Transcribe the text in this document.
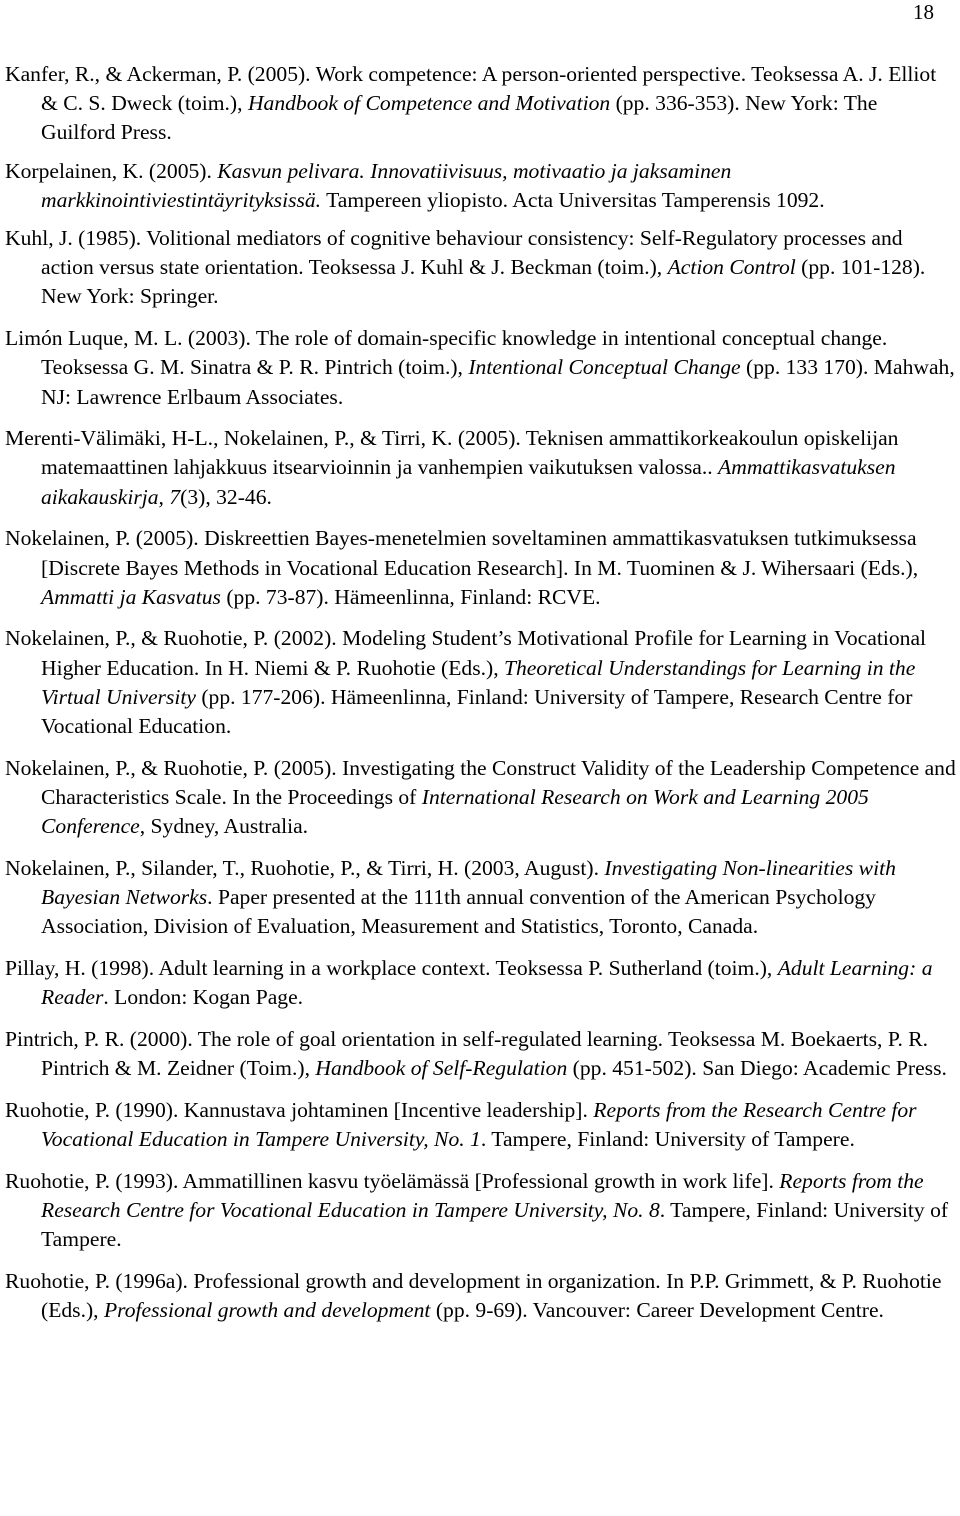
18

Kanfer, R., & Ackerman, P. (2005). Work competence: A person-oriented perspective. Teoksessa A. J. Elliot & C. S. Dweck (toim.), Handbook of Competence and Motivation (pp. 336-353). New York: The Guilford Press.

Korpelainen, K. (2005). Kasvun pelivara. Innovatiivisuus, motivaatio ja jaksaminen markkinointiviestintäyrityksissä. Tampereen yliopisto. Acta Universitas Tamperensis 1092.

Kuhl, J. (1985). Volitional mediators of cognitive behaviour consistency: Self-Regulatory processes and action versus state orientation. Teoksessa J. Kuhl & J. Beckman (toim.), Action Control (pp. 101-128). New York: Springer.

Limón Luque, M. L. (2003). The role of domain-specific knowledge in intentional conceptual change. Teoksessa G. M. Sinatra & P. R. Pintrich (toim.), Intentional Conceptual Change (pp. 133 170). Mahwah, NJ: Lawrence Erlbaum Associates.

Merenti-Välimäki, H-L., Nokelainen, P., & Tirri, K. (2005). Teknisen ammattikorkeakoulun opiskelijan matemaattinen lahjakkuus itsearvioinnin ja vanhempien vaikutuksen valossa.. Ammattikasvatuksen aikakauskirja, 7(3), 32-46.

Nokelainen, P. (2005). Diskreettien Bayes-menetelmien soveltaminen ammattikasvatuksen tutkimuksessa [Discrete Bayes Methods in Vocational Education Research]. In M. Tuominen & J. Wihersaari (Eds.), Ammatti ja Kasvatus (pp. 73-87). Hämeenlinna, Finland: RCVE.

Nokelainen, P., & Ruohotie, P. (2002). Modeling Student’s Motivational Profile for Learning in Vocational Higher Education. In H. Niemi & P. Ruohotie (Eds.), Theoretical Understandings for Learning in the Virtual University (pp. 177-206). Hämeenlinna, Finland: University of Tampere, Research Centre for Vocational Education.

Nokelainen, P., & Ruohotie, P. (2005). Investigating the Construct Validity of the Leadership Competence and Characteristics Scale. In the Proceedings of International Research on Work and Learning 2005 Conference, Sydney, Australia.

Nokelainen, P., Silander, T., Ruohotie, P., & Tirri, H. (2003, August). Investigating Non-linearities with Bayesian Networks. Paper presented at the 111th annual convention of the American Psychology Association, Division of Evaluation, Measurement and Statistics, Toronto, Canada.

Pillay, H. (1998). Adult learning in a workplace context. Teoksessa P. Sutherland (toim.), Adult Learning: a Reader. London: Kogan Page.

Pintrich, P. R. (2000). The role of goal orientation in self-regulated learning. Teoksessa M. Boekaerts, P. R. Pintrich & M. Zeidner (Toim.), Handbook of Self-Regulation (pp. 451-502). San Diego: Academic Press.

Ruohotie, P. (1990). Kannustava johtaminen [Incentive leadership]. Reports from the Research Centre for Vocational Education in Tampere University, No. 1. Tampere, Finland: University of Tampere.

Ruohotie, P. (1993). Ammatillinen kasvu työelämässä [Professional growth in work life]. Reports from the Research Centre for Vocational Education in Tampere University, No. 8. Tampere, Finland: University of Tampere.

Ruohotie, P. (1996a). Professional growth and development in organization. In P.P. Grimmett, & P. Ruohotie (Eds.), Professional growth and development (pp. 9-69). Vancouver: Career Development Centre.
